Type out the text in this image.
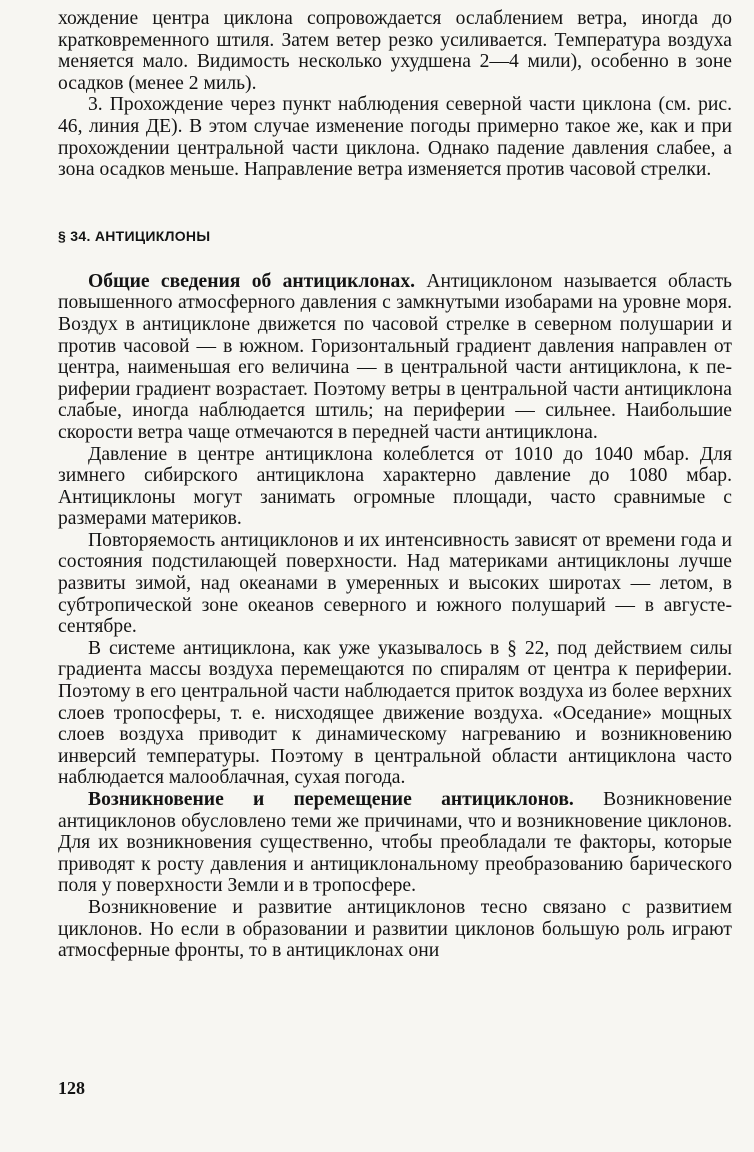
хождение центра циклона сопровождается ослаблением ветра, иногда до кратковременного штиля. Затем ветер резко усиливается. Температура воздуха меняется мало. Видимость несколько ухудшена 2—4 мили), особенно в зоне осадков (менее 2 миль).

3. Прохождение через пункт наблюдения северной части циклона (см. рис. 46, линия ДЕ). В этом случае изменение погоды примерно такое же, как и при прохождении центральной части циклона. Однако падение давления слабее, а зона осадков меньше. Направление ветра изменяется против часовой стрелки.

§ 34. АНТИЦИКЛОНЫ

Общие сведения об антициклонах. Антициклоном называется область повышенного атмосферного давления с замкнутыми изобарами на уровне моря. Воздух в антициклоне движется по часовой стрелке в северном полушарии и против часовой — в южном. Горизонтальный градиент давления направлен от центра, наименьшая его величина — в центральной части антициклона, к периферии градиент возрастает. Поэтому ветры в центральной части антициклона слабые, иногда наблюдается штиль; на периферии — сильнее. Наибольшие скорости ветра чаще отмечаются в передней части антициклона.

Давление в центре антициклона колеблется от 1010 до 1040 мбар. Для зимнего сибирского антициклона характерно давление до 1080 мбар. Антициклоны могут занимать огромные площади, часто сравнимые с размерами материков.

Повторяемость антициклонов и их интенсивность зависят от времени года и состояния подстилающей поверхности. Над материками антициклоны лучше развиты зимой, над океанами в умеренных и высоких широтах — летом, в субтропической зоне океанов северного и южного полушарий — в августе-сентябре.

В системе антициклона, как уже указывалось в § 22, под действием силы градиента массы воздуха перемещаются по спиралям от центра к периферии. Поэтому в его центральной части наблюдается приток воздуха из более верхних слоев тропосферы, т. е. нисходящее движение воздуха. «Оседание» мощных слоев воздуха приводит к динамическому нагреванию и возникновению инверсий температуры. Поэтому в центральной области антициклона часто наблюдается малооблачная, сухая погода.

Возникновение и перемещение антициклонов. Возникновение антициклонов обусловлено теми же причинами, что и возникновение циклонов. Для их возникновения существенно, чтобы преобладали те факторы, которые приводят к росту давления и антициклональному преобразованию барического поля у поверхности Земли и в тропосфере.

Возникновение и развитие антициклонов тесно связано с развитием циклонов. Но если в образовании и развитии циклонов большую роль играют атмосферные фронты, то в антициклонах они

128
